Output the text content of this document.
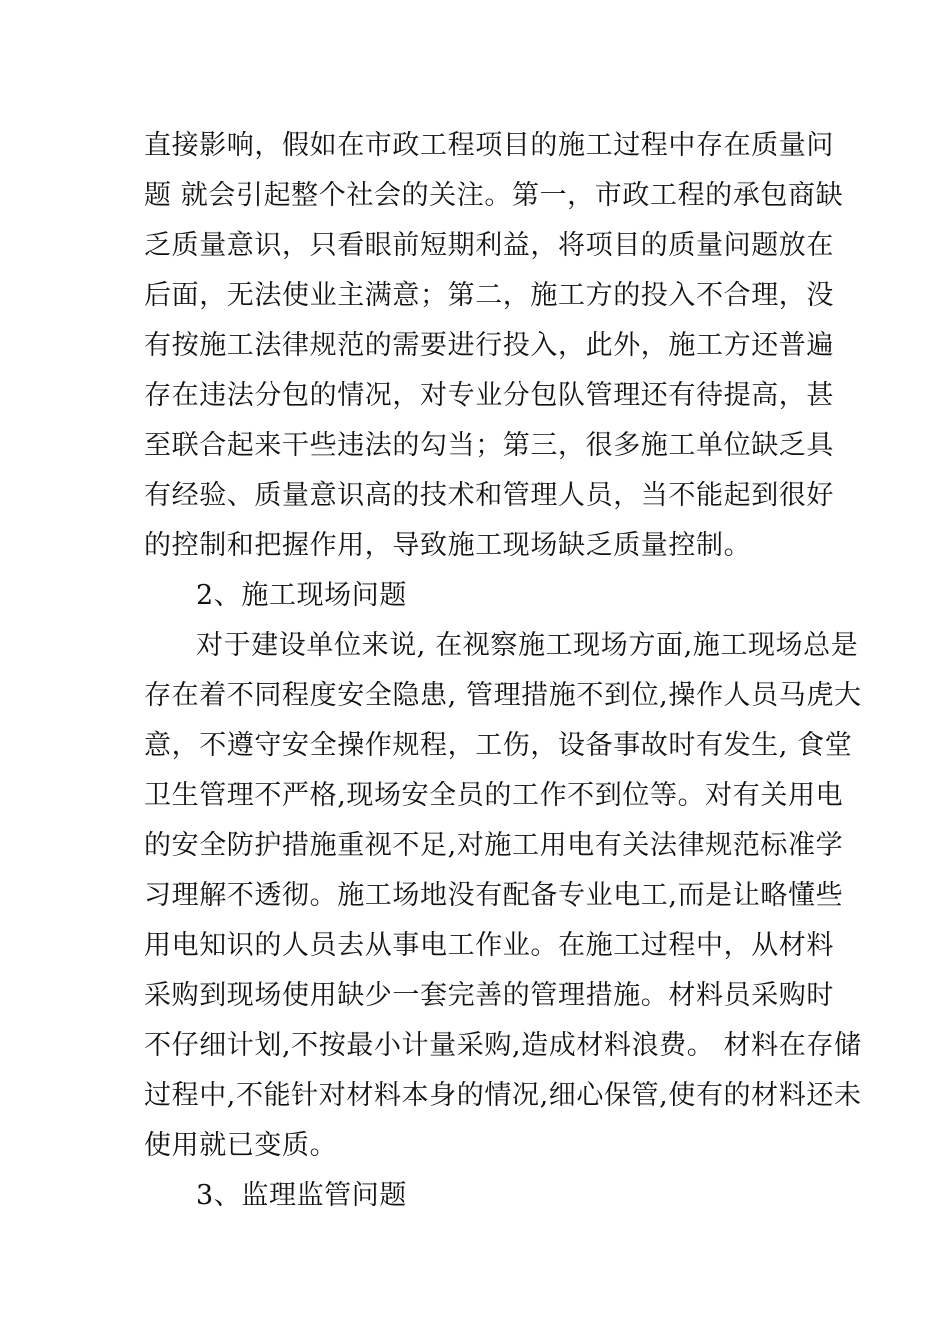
直接影响，假如在市政工程项目的施工过程中存在质量问
题 就会引起整个社会的关注。第一，市政工程的承包商缺
乏质量意识，只看眼前短期利益，将项目的质量问题放在
后面，无法使业主满意；第二，施工方的投入不合理，没
有按施工法律规范的需要进行投入，此外，施工方还普遍
存在违法分包的情况，对专业分包队管理还有待提高，甚
至联合起来干些违法的勾当；第三，很多施工单位缺乏具
有经验、质量意识高的技术和管理人员，当不能起到很好
的控制和把握作用，导致施工现场缺乏质量控制。
2、施工现场问题
对于建设单位来说, 在视察施工现场方面,施工现场总是
存在着不同程度安全隐患, 管理措施不到位,操作人员马虎大
意，不遵守安全操作规程，工伤，设备事故时有发生, 食堂
卫生管理不严格,现场安全员的工作不到位等。对有关用电
的安全防护措施重视不足,对施工用电有关法律规范标准学
习理解不透彻。施工场地没有配备专业电工,而是让略懂些
用电知识的人员去从事电工作业。在施工过程中，从材料
采购到现场使用缺少一套完善的管理措施。材料员采购时
不仔细计划,不按最小计量采购,造成材料浪费。 材料在存储
过程中,不能针对材料本身的情况,细心保管,使有的材料还未
使用就已变质。
3、监理监管问题
